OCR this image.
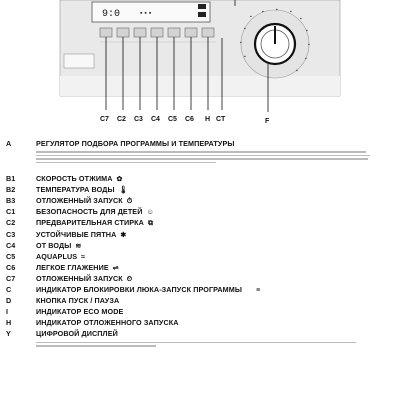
9:0	▪ ▪ ▪	▪
▪ ▪ ▪
▪
▪
▪
▪
▪
▪
▪
▪
C7 C2 C3 C4 C5 C6 H CT	F
A	РЕГУЛЯТОР ПОДБОРА ПРОГРАММЫ И ТЕМПЕРАТУРЫ
B1	СКОРОСТЬ ОТЖИМА ✿
B2	ТЕМПЕРАТУРА ВОДЫ 🌡
B3	ОТЛОЖЕННЫЙ ЗАПУСК ⏱
C1	БЕЗОПАСНОСТЬ ДЛЯ ДЕТЕЙ ☺
C2	ПРЕДВАРИТЕЛЬНАЯ СТИРКА ⧉
C3	УСТОЙЧИВЫЕ ПЯТНА ✱
C4	ОТ ВОДЫ ≋
C5	AQUAPLUS ≈
C6	ЛЕГКОЕ ГЛАЖЕНИЕ ⇌
C7	ОТЛОЖЕННЫЙ ЗАПУСК ⏲
C	ИНДИКАТОР БЛОКИРОВКИ ЛЮКА-ЗАПУСК ПРОГРАММЫ ≡
D	КНОПКА ПУСК / ПАУЗА
I	ИНДИКАТОР ECO MODE
H	ИНДИКАТОР ОТЛОЖЕННОГО ЗАПУСКА
Y	ЦИФРОВОЙ ДИСПЛЕЙ
